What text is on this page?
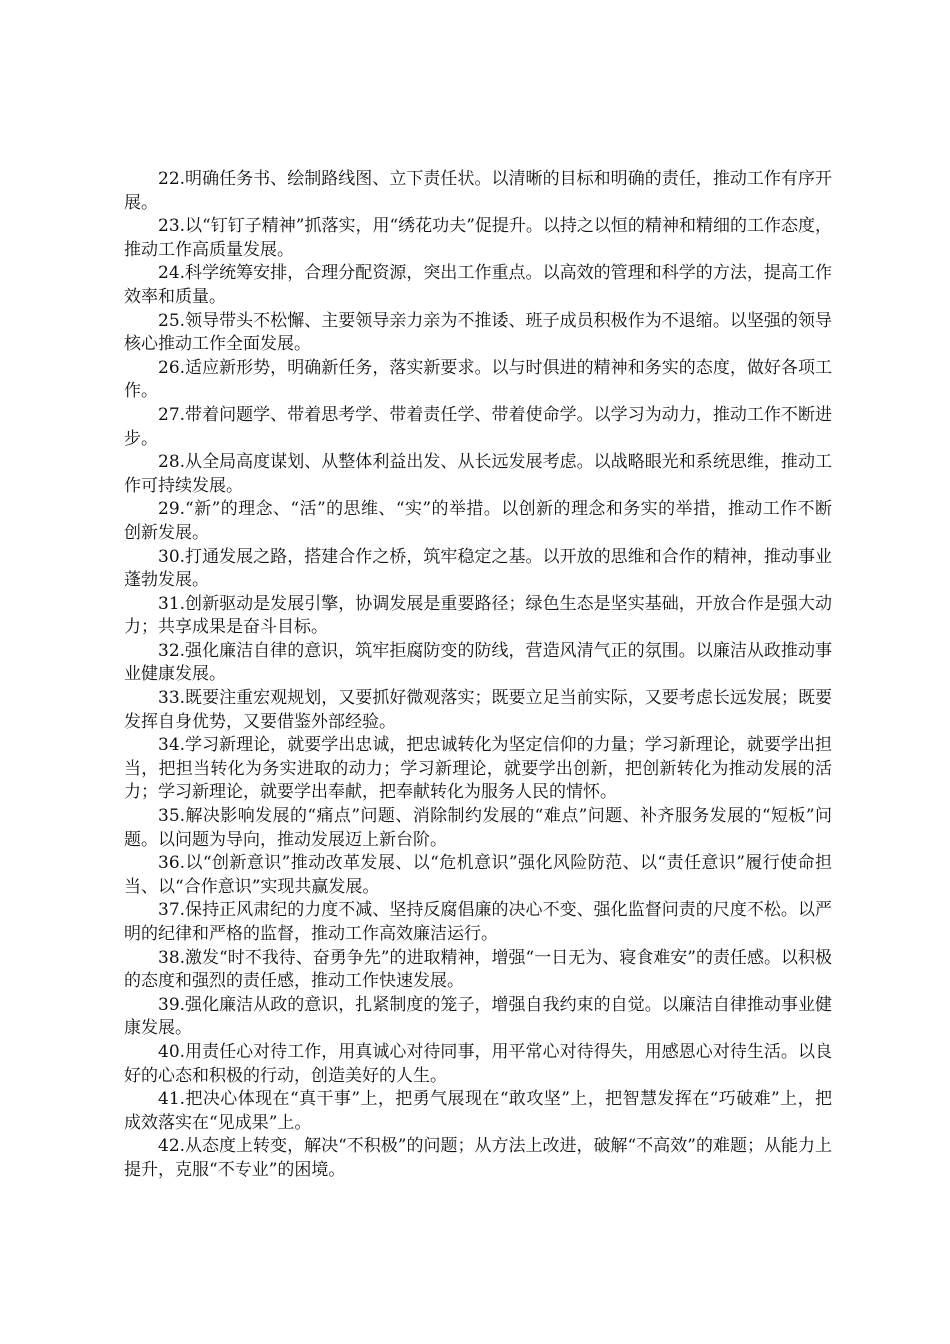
22.明确任务书、绘制路线图、立下责任状。以清晰的目标和明确的责任，推动工作有序开展。

23.以“钉钉子精神”抓落实，用“绣花功夫”促提升。以持之以恒的精神和精细的工作态度，推动工作高质量发展。

24.科学统筹安排，合理分配资源，突出工作重点。以高效的管理和科学的方法，提高工作效率和质量。

25.领导带头不松懈、主要领导亲力亲为不推诿、班子成员积极作为不退缩。以坚强的领导核心推动工作全面发展。

26.适应新形势，明确新任务，落实新要求。以与时俱进的精神和务实的态度，做好各项工作。

27.带着问题学、带着思考学、带着责任学、带着使命学。以学习为动力，推动工作不断进步。

28.从全局高度谋划、从整体利益出发、从长远发展考虑。以战略眼光和系统思维，推动工作可持续发展。

29.“新”的理念、“活”的思维、“实”的举措。以创新的理念和务实的举措，推动工作不断创新发展。

30.打通发展之路，搭建合作之桥，筑牢稳定之基。以开放的思维和合作的精神，推动事业蓬勃发展。

31.创新驱动是发展引擎，协调发展是重要路径；绿色生态是坚实基础，开放合作是强大动力；共享成果是奋斗目标。

32.强化廉洁自律的意识，筑牢拒腐防变的防线，营造风清气正的氛围。以廉洁从政推动事业健康发展。

33.既要注重宏观规划，又要抓好微观落实；既要立足当前实际，又要考虑长远发展；既要发挥自身优势，又要借鉴外部经验。

34.学习新理论，就要学出忠诚，把忠诚转化为坚定信仰的力量；学习新理论，就要学出担当，把担当转化为务实进取的动力；学习新理论，就要学出创新，把创新转化为推动发展的活力；学习新理论，就要学出奉献，把奉献转化为服务人民的情怀。

35.解决影响发展的“痛点”问题、消除制约发展的“难点”问题、补齐服务发展的“短板”问题。以问题为导向，推动发展迈上新台阶。

36.以“创新意识”推动改革发展、以“危机意识”强化风险防范、以“责任意识”履行使命担当、以“合作意识”实现共赢发展。

37.保持正风肃纪的力度不减、坚持反腐倡廉的决心不变、强化监督问责的尺度不松。以严明的纪律和严格的监督，推动工作高效廉洁运行。

38.激发“时不我待、奋勇争先”的进取精神，增强“一日无为、寝食难安”的责任感。以积极的态度和强烈的责任感，推动工作快速发展。

39.强化廉洁从政的意识，扎紧制度的笼子，增强自我约束的自觉。以廉洁自律推动事业健康发展。

40.用责任心对待工作，用真诚心对待同事，用平常心对待得失，用感恩心对待生活。以良好的心态和积极的行动，创造美好的人生。

41.把决心体现在“真干事”上，把勇气展现在“敢攻坚”上，把智慧发挥在“巧破难”上，把成效落实在“见成果”上。

42.从态度上转变，解决“不积极”的问题；从方法上改进，破解“不高效”的难题；从能力上提升，克服“不专业”的困境。
